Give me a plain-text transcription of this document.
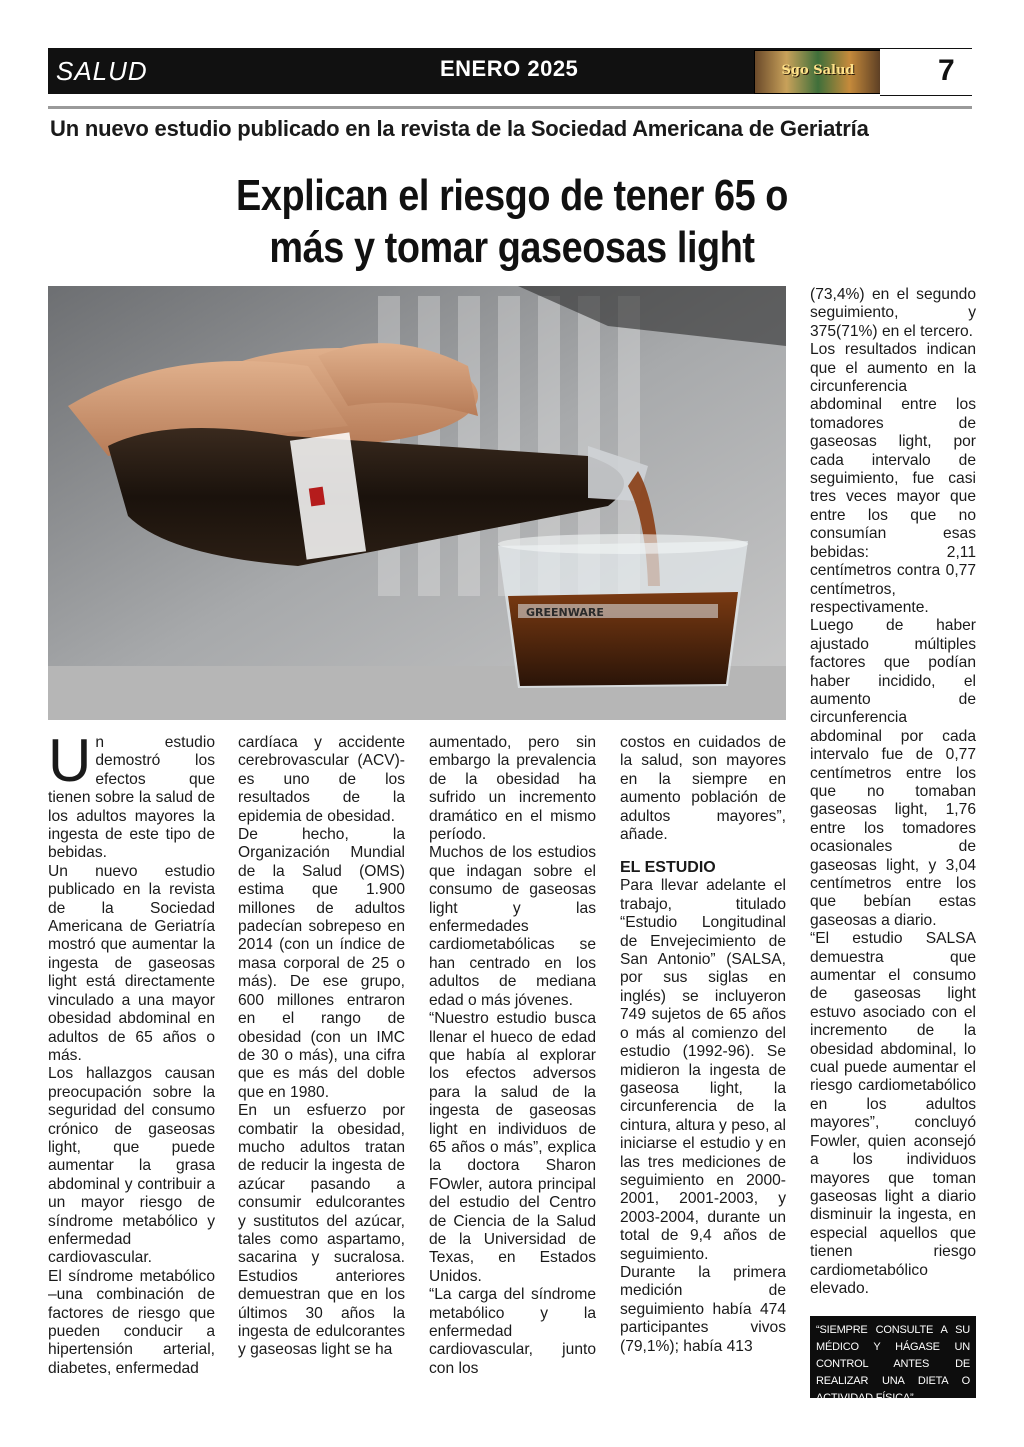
SALUD	ENERO 2025	Sgo Salud	7
Un nuevo estudio publicado en la revista de la Sociedad Americana de Geriatría
Explican el riesgo de tener 65 o
más y tomar gaseosas light
GREENWARE

Un estudio demostró los efectos que tienen sobre la salud de los adultos mayores la ingesta de este tipo de bebidas.

Un nuevo estudio publicado en la revista de la Sociedad Americana de Geriatría mostró que aumentar la ingesta de gaseosas light está directamente vinculado a una mayor obesidad abdominal en adultos de 65 años o más.

Los hallazgos causan preocupación sobre la seguridad del consumo crónico de gaseosas light, que puede aumentar la grasa abdominal y contribuir a un mayor riesgo de síndrome metabólico y enfermedad cardiovascular.

El síndrome metabólico –una combinación de factores de riesgo que pueden conducir a hipertensión arterial, diabetes, enfermedad

cardíaca y accidente cerebrovascular (ACV)- es uno de los resultados de la epidemia de obesidad.

De hecho, la Organización Mundial de la Salud (OMS) estima que 1.900 millones de adultos padecían sobrepeso en 2014 (con un índice de masa corporal de 25 o más). De ese grupo, 600 millones entraron en el rango de obesidad (con un IMC de 30 o más), una cifra que es más del doble que en 1980.

En un esfuerzo por combatir la obesidad, mucho adultos tratan de reducir la ingesta de azúcar pasando a consumir edulcorantes y sustitutos del azúcar, tales como aspartamo, sacarina y sucralosa. Estudios anteriores demuestran que en los últimos 30 años la ingesta de edulcorantes y gaseosas light se ha

aumentado, pero sin embargo la prevalencia de la obesidad ha sufrido un incremento dramático en el mismo período.

Muchos de los estudios que indagan sobre el consumo de gaseosas light y las enfermedades cardiometabólicas se han centrado en los adultos de mediana edad o más jóvenes.

“Nuestro estudio busca llenar el hueco de edad que había al explorar los efectos adversos para la salud de la ingesta de gaseosas light en individuos de 65 años o más”, explica la doctora Sharon FOwler, autora principal del estudio del Centro de Ciencia de la Salud de la Universidad de Texas, en Estados Unidos.

“La carga del síndrome metabólico y la enfermedad cardiovascular, junto con los

costos en cuidados de la salud, son mayores en la siempre en aumento población de adultos mayores”, añade.

EL ESTUDIO

Para llevar adelante el trabajo, titulado “Estudio Longitudinal de Envejecimiento de San Antonio” (SALSA, por sus siglas en inglés) se incluyeron 749 sujetos de 65 años o más al comienzo del estudio (1992-96). Se midieron la ingesta de gaseosa light, la circunferencia de la cintura, altura y peso, al iniciarse el estudio y en las tres mediciones de seguimiento en 2000-2001, 2001-2003, y 2003-2004, durante un total de 9,4 años de seguimiento.

Durante la primera medición de seguimiento había 474 participantes vivos (79,1%); había 413

(73,4%) en el segundo seguimiento, y 375(71%) en el tercero.

Los resultados indican que el aumento en la circunferencia abdominal entre los tomadores de gaseosas light, por cada intervalo de seguimiento, fue casi tres veces mayor que entre los que no consumían esas bebidas: 2,11 centímetros contra 0,77 centímetros, respectivamente.

Luego de haber ajustado múltiples factores que podían haber incidido, el aumento de circunferencia abdominal por cada intervalo fue de 0,77 centímetros entre los que no tomaban gaseosas light, 1,76 entre los tomadores ocasionales de gaseosas light, y 3,04 centímetros entre los que bebían estas gaseosas a diario.

“El estudio SALSA demuestra que aumentar el consumo de gaseosas light estuvo asociado con el incremento de la obesidad abdominal, lo cual puede aumentar el riesgo cardiometabólico en los adultos mayores”, concluyó Fowler, quien aconsejó a los individuos mayores que toman gaseosas light a diario disminuir la ingesta, en especial aquellos que tienen riesgo cardiometabólico elevado.

“SIEMPRE CONSULTE A SU MÉDICO Y HÁGASE UN CONTROL ANTES DE REALIZAR UNA DIETA O ACTIVIDAD FÍSICA”
